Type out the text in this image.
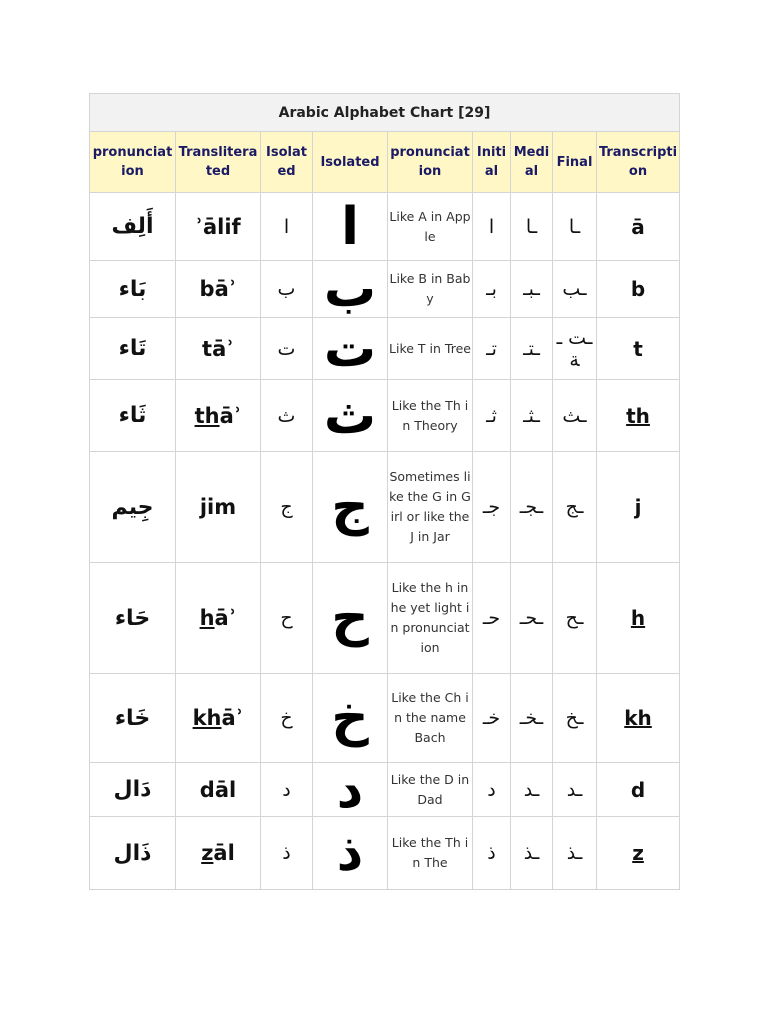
Arabic Alphabet Chart [29]								
pronunciation	Transliterated	Isolated	Isolated	pronunciation	Initial	Medial	Final	Transcription
أَلِف	ʾālif	ا	ا	Like A in Apple	ا	ـا	ـا	ā
بَاء	bāʾ	ب	ب	Like B in Baby	بـ	ـبـ	ـب	b
تَاء	tāʾ	ت	ت	Like T in Tree	تـ	ـتـ	ـت ـة	t
ثَاء	thāʾ	ث	ث	Like the Th in Theory	ثـ	ـثـ	ـث	th
جِيم	jim	ج	ج	Sometimes like the G in Girl or like the J in Jar	جـ	ـجـ	ـج	j
حَاء	hāʾ	ح	ح	Like the h in he yet light in pronunciation	حـ	ـحـ	ـح	h
خَاء	khāʾ	خ	خ	Like the Ch in the name Bach	خـ	ـخـ	ـخ	kh
دَال	dāl	د	د	Like the D in Dad	د	ـد	ـد	d
ذَال	zāl	ذ	ذ	Like the Th in The	ذ	ـذ	ـذ	z
